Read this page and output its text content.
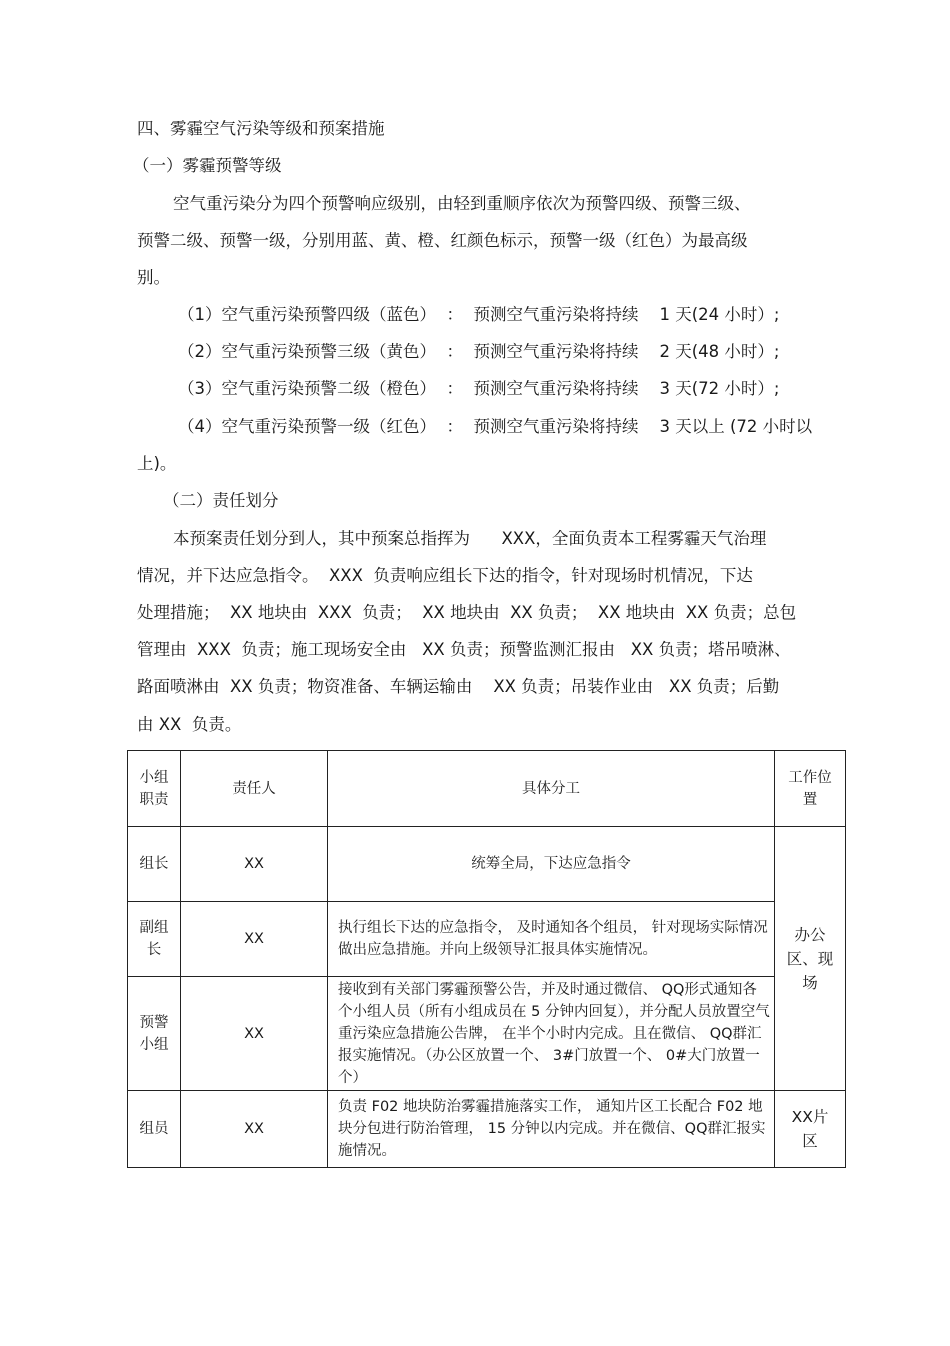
四、雾霾空气污染等级和预案措施
（一）雾霾预警等级
空气重污染分为四个预警响应级别，由轻到重顺序依次为预警四级、预警三级、
预警二级、预警一级，分别用蓝、黄、橙、红颜色标示，预警一级（红色）为最高级
别。
（1）空气重污染预警四级（蓝色）  ：  预测空气重污染将持续    1 天(24 小时）;
（2）空气重污染预警三级（黄色）  ：  预测空气重污染将持续    2 天(48 小时）;
（3）空气重污染预警二级（橙色）  ：  预测空气重污染将持续    3 天(72 小时）;
（4）空气重污染预警一级（红色）  ：  预测空气重污染将持续    3 天以上 (72 小时以
上)。
（二）责任划分
本预案责任划分到人，其中预案总指挥为      XXX，全面负责本工程雾霾天气治理
情况，并下达应急指令。  XXX  负责响应组长下达的指令，针对现场时机情况，下达
处理措施；  XX 地块由  XXX  负责；  XX 地块由  XX 负责；  XX 地块由  XX 负责；总包
管理由  XXX  负责；施工现场安全由   XX 负责；预警监测汇报由   XX 负责；塔吊喷淋、
路面喷淋由  XX 负责；物资准备、车辆运输由    XX 负责；吊装作业由   XX 负责；后勤
由 XX  负责。
小组
职责	责任人	具体分工	工作位
置
组长	XX	统筹全局，下达应急指令	办公
区、现
场
副组
长	XX	执行组长下达的应急指令， 及时通知各个组员， 针对现场实际情况做出应急措施。并向上级领导汇报具体实施情况。	
预警
小组	XX	接收到有关部门雾霾预警公告，并及时通过微信、 QQ形式通知各个小组人员（所有小组成员在 5 分钟内回复），并分配人员放置空气重污染应急措施公告牌， 在半个小时内完成。且在微信、 QQ群汇报实施情况。（办公区放置一个、 3#门放置一个、 0#大门放置一个）	
组员	XX	负责 F02 地块防治雾霾措施落实工作， 通知片区工长配合 F02 地块分包进行防治管理， 15 分钟以内完成。并在微信、QQ群汇报实施情况。	XX片
区
